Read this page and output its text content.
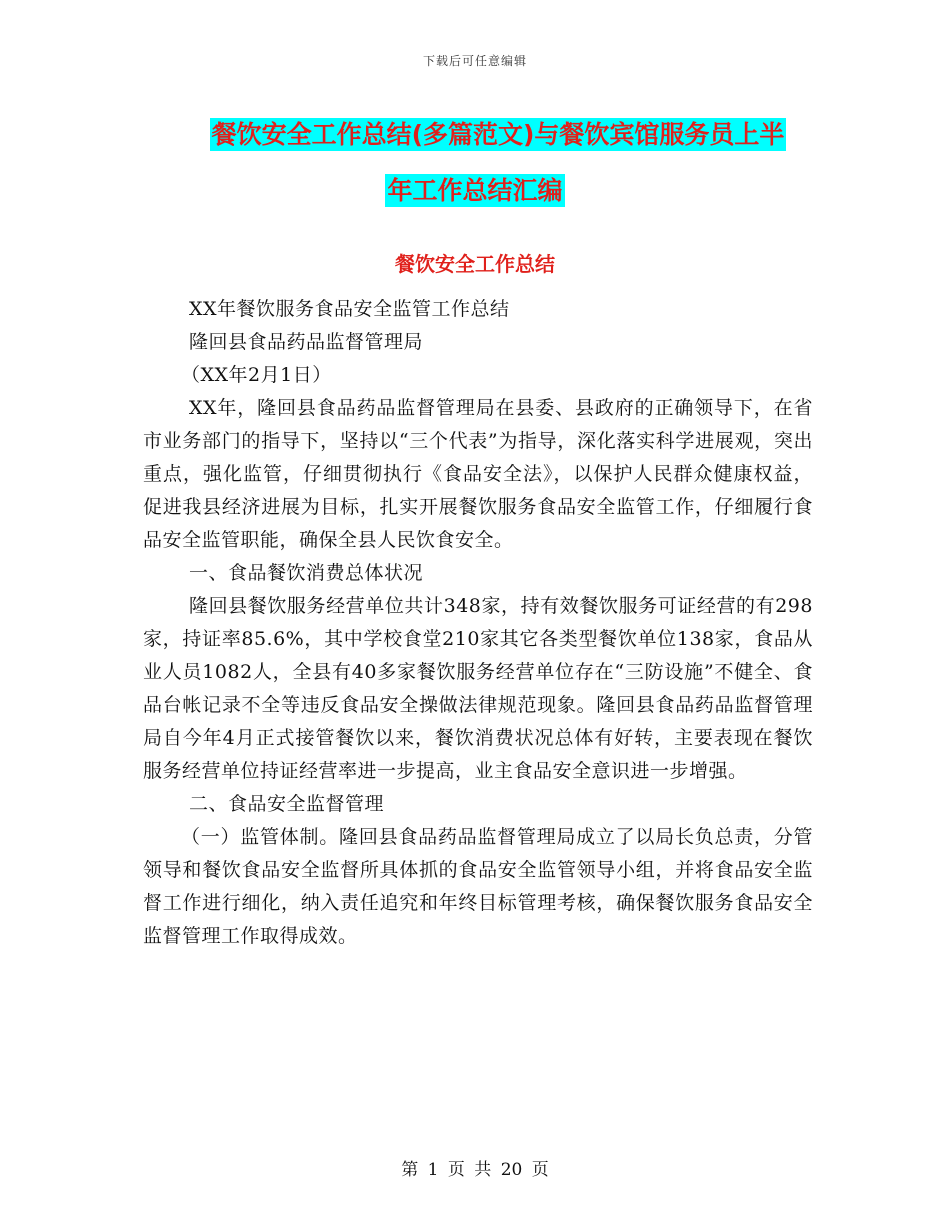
下载后可任意编辑
餐饮安全工作总结(多篇范文)与餐饮宾馆服务员上半
年工作总结汇编
餐饮安全工作总结

XX年餐饮服务食品安全监管工作总结

隆回县食品药品监督管理局

（XX年2月1日）

XX年，隆回县食品药品监督管理局在县委、县政府的正确领导下，在省市业务部门的指导下，坚持以“三个代表”为指导，深化落实科学进展观，突出重点，强化监管，仔细贯彻执行《食品安全法》，以保护人民群众健康权益，促进我县经济进展为目标，扎实开展餐饮服务食品安全监管工作，仔细履行食品安全监管职能，确保全县人民饮食安全。

一、食品餐饮消费总体状况

隆回县餐饮服务经营单位共计348家，持有效餐饮服务可证经营的有298家，持证率85.6%，其中学校食堂210家其它各类型餐饮单位138家，食品从业人员1082人，全县有40多家餐饮服务经营单位存在“三防设施”不健全、食品台帐记录不全等违反食品安全操做法律规范现象。隆回县食品药品监督管理局自今年4月正式接管餐饮以来，餐饮消费状况总体有好转，主要表现在餐饮服务经营单位持证经营率进一步提高，业主食品安全意识进一步增强。

二、食品安全监督管理

（一）监管体制。隆回县食品药品监督管理局成立了以局长负总责，分管领导和餐饮食品安全监督所具体抓的食品安全监管领导小组，并将食品安全监督工作进行细化，纳入责任追究和年终目标管理考核，确保餐饮服务食品安全监督管理工作取得成效。

第 1 页 共 20 页
